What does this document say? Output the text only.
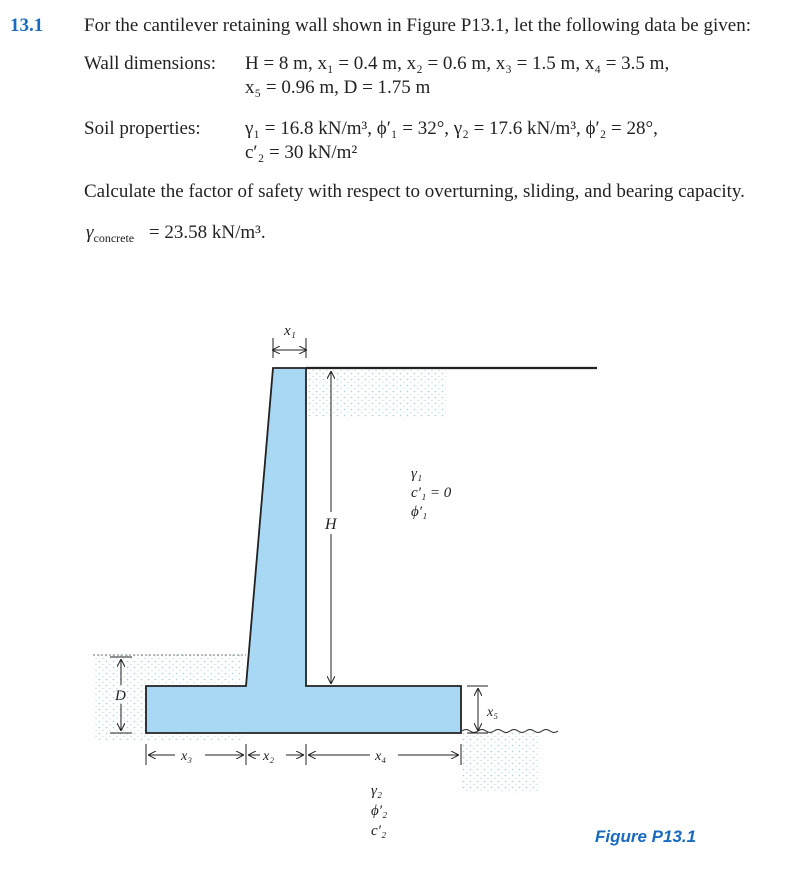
13.1 For the cantilever retaining wall shown in Figure P13.1, let the following data be given:
Wall dimensions: H = 8 m, x₁ = 0.4 m, x₂ = 0.6 m, x₃ = 1.5 m, x₄ = 3.5 m,
x₅ = 0.96 m, D = 1.75 m
Soil properties: γ₁ = 16.8 kN/m³, ϕ′₁ = 32°, γ₂ = 17.6 kN/m³, ϕ′₂ = 28°,
c′₂ = 30 kN/m²
Calculate the factor of safety with respect to overturning, sliding, and bearing capacity.
$\gamma_{concrete} = 23.58$ kN/m³.
x₁
H
γ₁
c′₁ = 0
ϕ′₁
D
x₅
x₃	x₂	x₄
γ₂
ϕ′₂
c′₂	Figure P13.1
